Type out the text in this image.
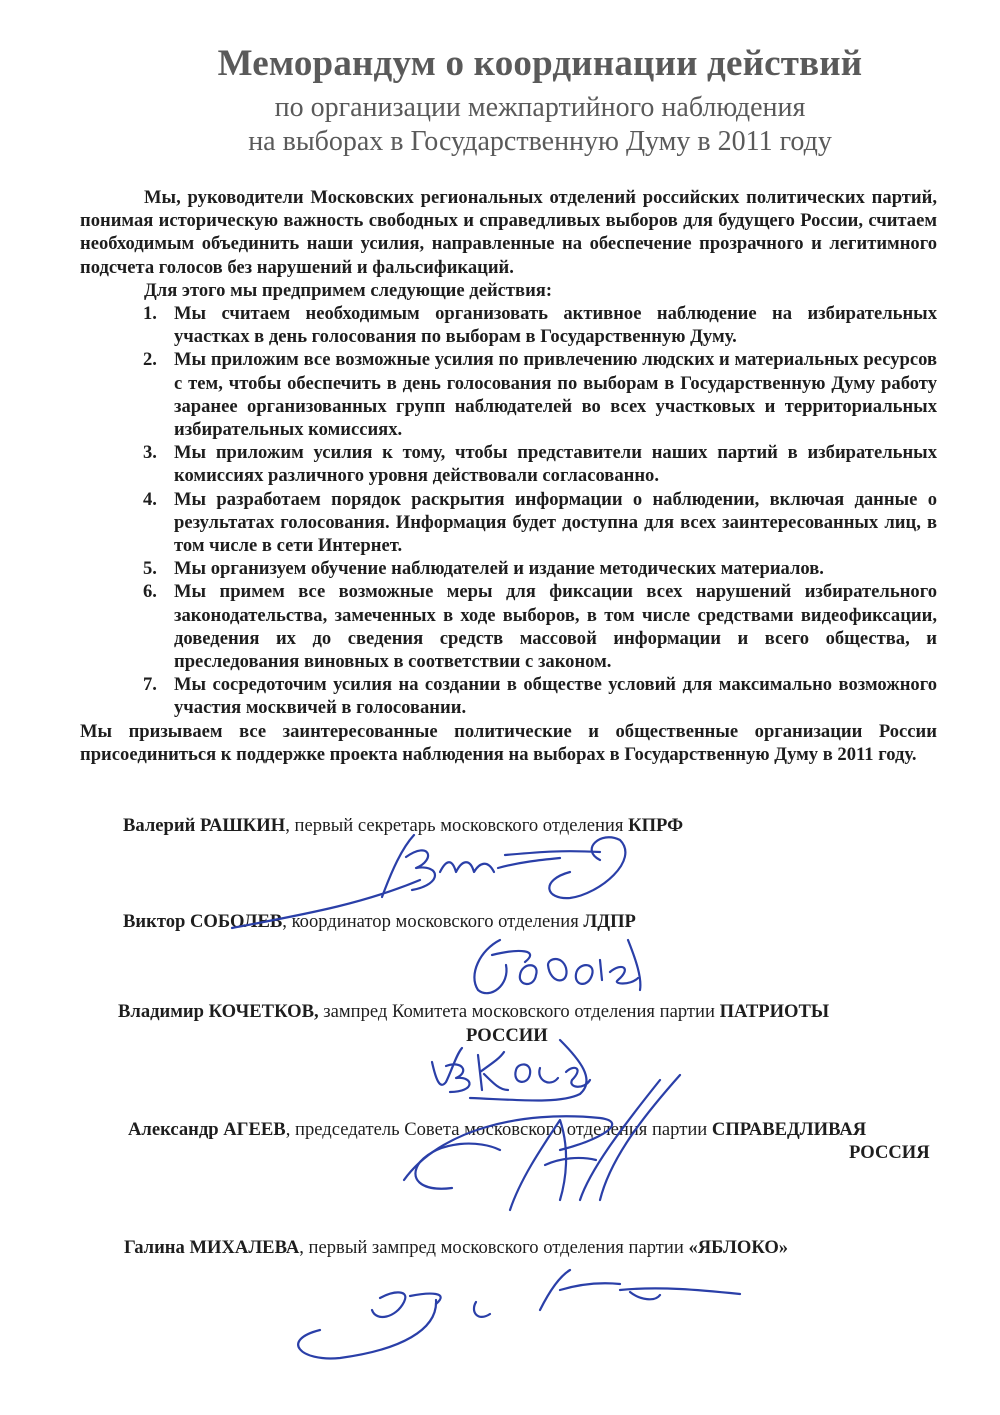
Меморандум о координации действий
по организации межпартийного наблюдения
на выборах в Государственную Думу в 2011 году

Мы, руководители Московских региональных отделений российских политических партий, понимая историческую важность свободных и справедливых выборов для будущего России, считаем необходимым объединить наши усилия, направленные на обеспечение прозрачного и легитимного подсчета голосов без нарушений и фальсификаций.

Для этого мы предпримем следующие действия:

1. Мы считаем необходимым организовать активное наблюдение на избирательных участках в день голосования по выборам в Государственную Думу.
2. Мы приложим все возможные усилия по привлечению людских и материальных ресурсов с тем, чтобы обеспечить в день голосования по выборам в Государственную Думу работу заранее организованных групп наблюдателей во всех участковых и территориальных избирательных комиссиях.
3. Мы приложим усилия к тому, чтобы представители наших партий в избирательных комиссиях различного уровня действовали согласованно.
4. Мы разработаем порядок раскрытия информации о наблюдении, включая данные о результатах голосования. Информация будет доступна для всех заинтересованных лиц, в том числе в сети Интернет.
5. Мы организуем обучение наблюдателей и издание методических материалов.
6. Мы примем все возможные меры для фиксации всех нарушений избирательного законодательства, замеченных в ходе выборов, в том числе средствами видеофиксации, доведения их до сведения средств массовой информации и всего общества, и преследования виновных в соответствии с законом.
7. Мы сосредоточим усилия на создании в обществе условий для максимально возможного участия москвичей в голосовании.

Мы призываем все заинтересованные политические и общественные организации России присоединиться к поддержке проекта наблюдения на выборах в Государственную Думу в 2011 году.

Валерий РАШКИН, первый секретарь московского отделения КПРФ
Виктор СОБОЛЕВ, координатор московского отделения ЛДПР
Владимир КОЧЕТКОВ, зампред Комитета московского отделения партии ПАТРИОТЫ
РОССИИ
Александр АГЕЕВ, председатель Совета московского отделения партии СПРАВЕДЛИВАЯ
РОССИЯ
Галина МИХАЛЕВА, первый зампред московского отделения партии «ЯБЛОКО»
